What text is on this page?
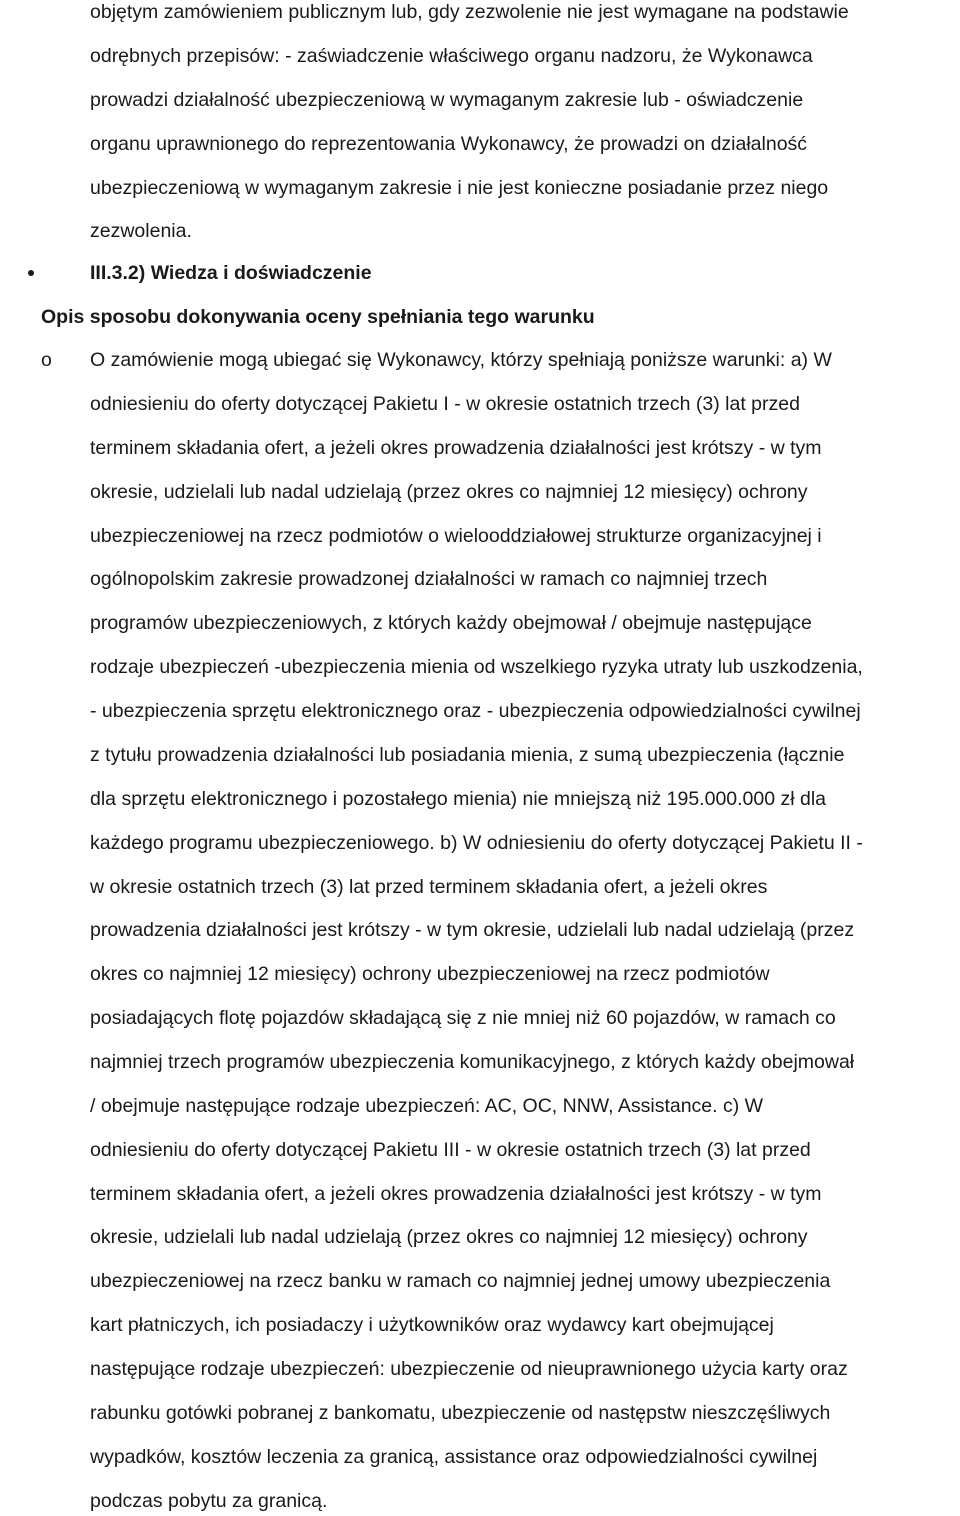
objętym zamówieniem publicznym lub, gdy zezwolenie nie jest wymagane na podstawie
odrębnych przepisów: - zaświadczenie właściwego organu nadzoru, że Wykonawca
prowadzi działalność ubezpieczeniową w wymaganym zakresie lub - oświadczenie
organu uprawnionego do reprezentowania Wykonawcy, że prowadzi on działalność
ubezpieczeniową w wymaganym zakresie i nie jest konieczne posiadanie przez niego
zezwolenia.
III.3.2) Wiedza i doświadczenie
Opis sposobu dokonywania oceny spełniania tego warunku
o O zamówienie mogą ubiegać się Wykonawcy, którzy spełniają poniższe warunki: a) W
odniesieniu do oferty dotyczącej Pakietu I - w okresie ostatnich trzech (3) lat przed
terminem składania ofert, a jeżeli okres prowadzenia działalności jest krótszy - w tym
okresie, udzielali lub nadal udzielają (przez okres co najmniej 12 miesięcy) ochrony
ubezpieczeniowej na rzecz podmiotów o wielooddziałowej strukturze organizacyjnej i
ogólnopolskim zakresie prowadzonej działalności w ramach co najmniej trzech
programów ubezpieczeniowych, z których każdy obejmował / obejmuje następujące
rodzaje ubezpieczeń -ubezpieczenia mienia od wszelkiego ryzyka utraty lub uszkodzenia,
- ubezpieczenia sprzętu elektronicznego oraz - ubezpieczenia odpowiedzialności cywilnej
z tytułu prowadzenia działalności lub posiadania mienia, z sumą ubezpieczenia (łącznie
dla sprzętu elektronicznego i pozostałego mienia) nie mniejszą niż 195.000.000 zł dla
każdego programu ubezpieczeniowego. b) W odniesieniu do oferty dotyczącej Pakietu II -
w okresie ostatnich trzech (3) lat przed terminem składania ofert, a jeżeli okres
prowadzenia działalności jest krótszy - w tym okresie, udzielali lub nadal udzielają (przez
okres co najmniej 12 miesięcy) ochrony ubezpieczeniowej na rzecz podmiotów
posiadających flotę pojazdów składającą się z nie mniej niż 60 pojazdów, w ramach co
najmniej trzech programów ubezpieczenia komunikacyjnego, z których każdy obejmował
/ obejmuje następujące rodzaje ubezpieczeń: AC, OC, NNW, Assistance. c) W
odniesieniu do oferty dotyczącej Pakietu III - w okresie ostatnich trzech (3) lat przed
terminem składania ofert, a jeżeli okres prowadzenia działalności jest krótszy - w tym
okresie, udzielali lub nadal udzielają (przez okres co najmniej 12 miesięcy) ochrony
ubezpieczeniowej na rzecz banku w ramach co najmniej jednej umowy ubezpieczenia
kart płatniczych, ich posiadaczy i użytkowników oraz wydawcy kart obejmującej
następujące rodzaje ubezpieczeń: ubezpieczenie od nieuprawnionego użycia karty oraz
rabunku gotówki pobranej z bankomatu, ubezpieczenie od następstw nieszczęśliwych
wypadków, kosztów leczenia za granicą, assistance oraz odpowiedzialności cywilnej
podczas pobytu za granicą.
